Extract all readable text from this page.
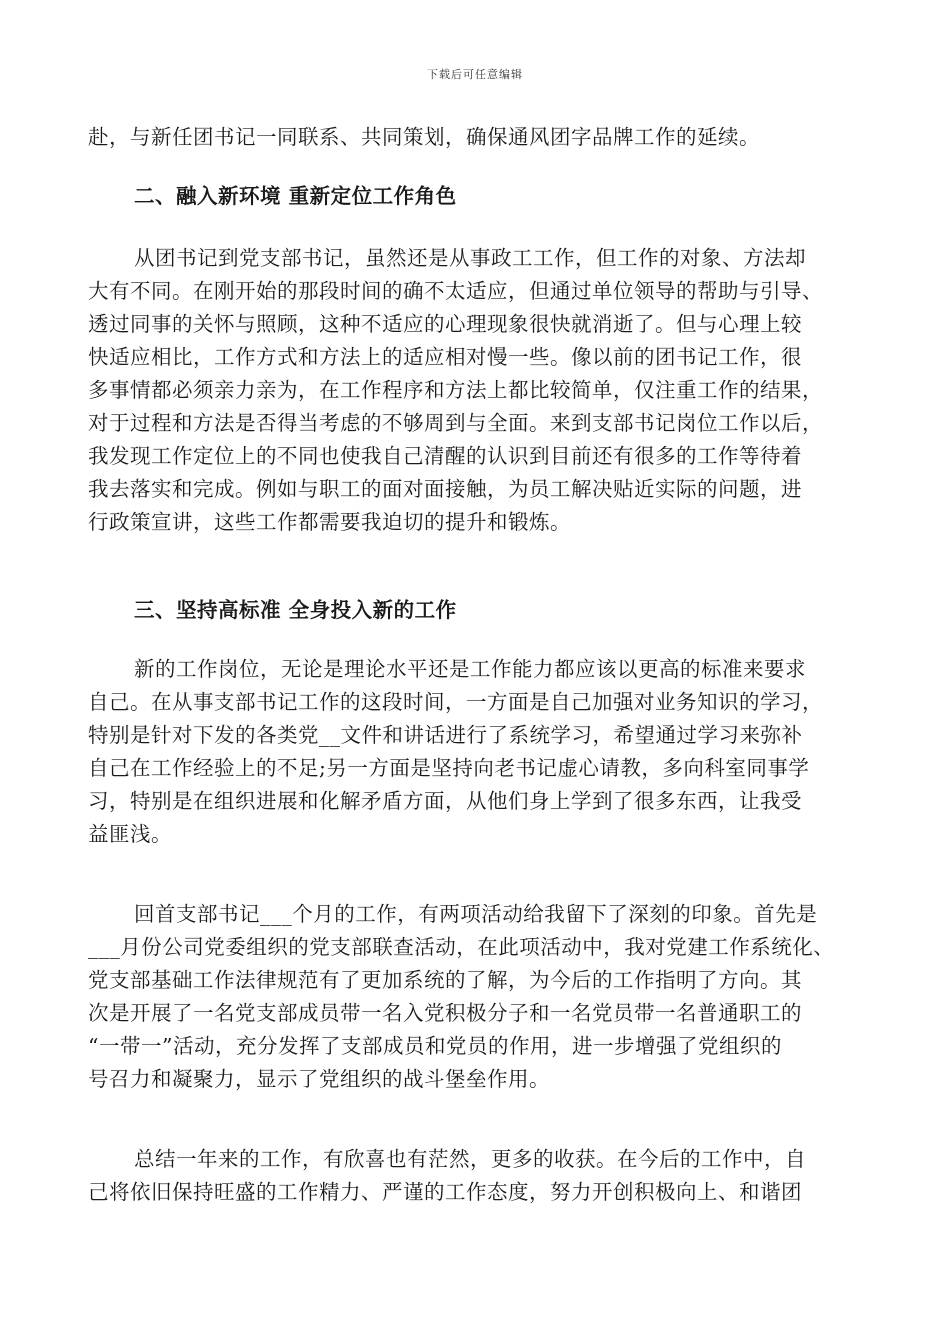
下载后可任意编辑
赴，与新任团书记一同联系、共同策划，确保通风团字品牌工作的延续。
二、融入新环境 重新定位工作角色
从团书记到党支部书记，虽然还是从事政工工作，但工作的对象、方法却
大有不同。在刚开始的那段时间的确不太适应，但通过单位领导的帮助与引导、
透过同事的关怀与照顾，这种不适应的心理现象很快就消逝了。但与心理上较
快适应相比，工作方式和方法上的适应相对慢一些。像以前的团书记工作，很
多事情都必须亲力亲为，在工作程序和方法上都比较简单，仅注重工作的结果，
对于过程和方法是否得当考虑的不够周到与全面。来到支部书记岗位工作以后，
我发现工作定位上的不同也使我自己清醒的认识到目前还有很多的工作等待着
我去落实和完成。例如与职工的面对面接触，为员工解决贴近实际的问题，进
行政策宣讲，这些工作都需要我迫切的提升和锻炼。
三、坚持高标准 全身投入新的工作
新的工作岗位，无论是理论水平还是工作能力都应该以更高的标准来要求
自己。在从事支部书记工作的这段时间，一方面是自己加强对业务知识的学习，
特别是针对下发的各类党__文件和讲话进行了系统学习，希望通过学习来弥补
自己在工作经验上的不足;另一方面是坚持向老书记虚心请教，多向科室同事学
习，特别是在组织进展和化解矛盾方面，从他们身上学到了很多东西，让我受
益匪浅。
回首支部书记___个月的工作，有两项活动给我留下了深刻的印象。首先是
___月份公司党委组织的党支部联查活动，在此项活动中，我对党建工作系统化、
党支部基础工作法律规范有了更加系统的了解，为今后的工作指明了方向。其
次是开展了一名党支部成员带一名入党积极分子和一名党员带一名普通职工的
“一带一”活动，充分发挥了支部成员和党员的作用，进一步增强了党组织的
号召力和凝聚力，显示了党组织的战斗堡垒作用。
总结一年来的工作，有欣喜也有茫然，更多的收获。在今后的工作中，自
己将依旧保持旺盛的工作精力、严谨的工作态度，努力开创积极向上、和谐团
